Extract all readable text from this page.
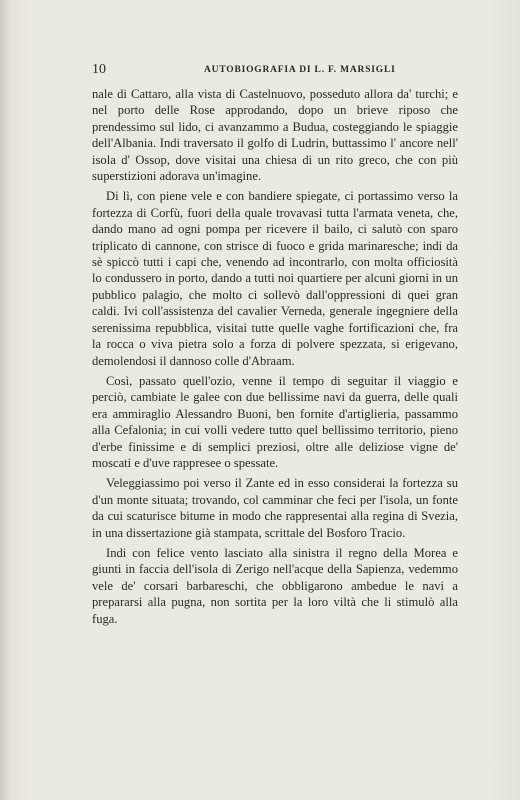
10	AUTOBIOGRAFIA DI L. F. MARSIGLI

nale di Cattaro, alla vista di Castelnuovo, posseduto allora da' turchi; e nel porto delle Rose approdando, dopo un brieve riposo che prendessimo sul lido, ci avanzammo a Budua, costeggiando le spiaggie dell'Albania. Indi traversato il golfo di Ludrin, buttassimo l' ancore nell' isola d' Ossop, dove visitai una chiesa di un rito greco, che con più superstizioni adorava un'imagine.

Di lì, con piene vele e con bandiere spiegate, ci portassimo verso la fortezza di Corfù, fuori della quale trovavasi tutta l'armata veneta, che, dando mano ad ogni pompa per ricevere il bailo, ci salutò con sparo triplicato di cannone, con strisce di fuoco e grida marinaresche; indi da sè spiccò tutti i capi che, venendo ad incontrarlo, con molta officiosità lo condussero in porto, dando a tutti noi quartiere per alcuni giorni in un pubblico palagio, che molto ci sollevò dall'oppressioni di quei gran caldi. Ivi coll'assistenza del cavalier Verneda, generale ingegniere della serenissima repubblica, visitai tutte quelle vaghe fortificazioni che, fra la rocca o viva pietra solo a forza di polvere spezzata, si erigevano, demolendosi il dannoso colle d'Abraam.

Così, passato quell'ozio, venne il tempo di seguitar il viaggio e perciò, cambiate le galee con due bellissime navi da guerra, delle quali era ammiraglio Alessandro Buoni, ben fornite d'artiglieria, passammo alla Cefalonia; in cui volli vedere tutto quel bellissimo territorio, pieno d'erbe finissime e di semplici preziosi, oltre alle deliziose vigne de' moscati e d'uve rappresee o spessate.

Veleggiassimo poi verso il Zante ed in esso considerai la fortezza su d'un monte situata; trovando, col camminar che feci per l'isola, un fonte da cui scaturisce bitume in modo che rappresentai alla regina di Svezia, in una dissertazione già stampata, scrittale del Bosforo Tracio.

Indi con felice vento lasciato alla sinistra il regno della Morea e giunti in faccia dell'isola di Zerigo nell'acque della Sapienza, vedemmo vele de' corsari barbareschi, che obbligarono ambedue le navi a prepararsi alla pugna, non sortita per la loro viltà che li stimulò alla fuga.
